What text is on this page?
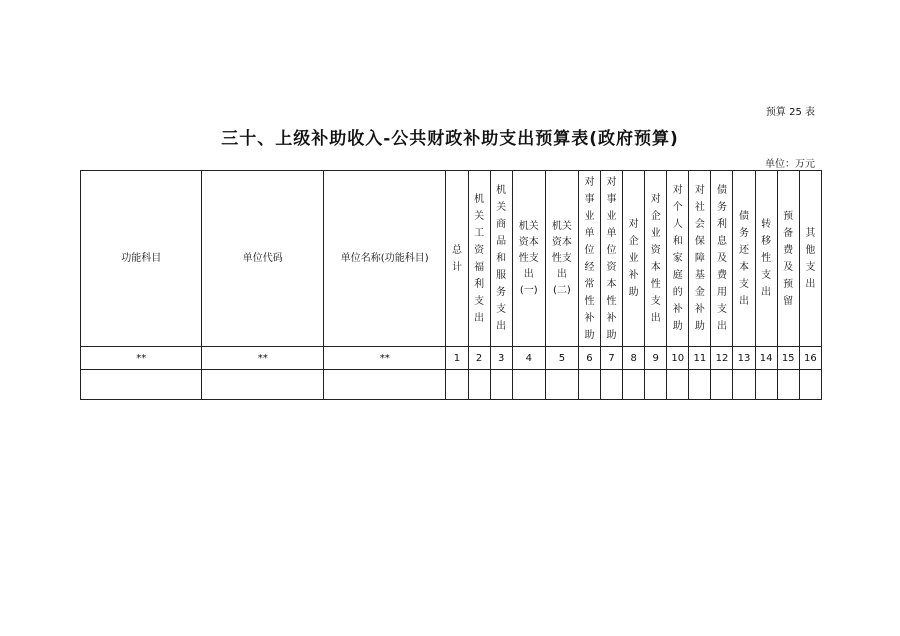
预算 25 表
三十、上级补助收入-公共财政补助支出预算表(政府预算)
单位：万元
功能科目	单位代码	单位名称(功能科目)	总计	机关工资福利支出	机关商品和服务支出	机关资本性支出(一)	机关资本性支出(二)	对事业单位经常性补助	对事业单位资本性补助	对企业补助	对企业资本性支出	对个人和家庭的补助	对社会保障基金补助	债务利息及费用支出	债务还本支出	转移性支出	预备费及预留	其他支出
**	**	**	1	2	3	4	5	6	7	8	9	10	11	12	13	14	15	16
